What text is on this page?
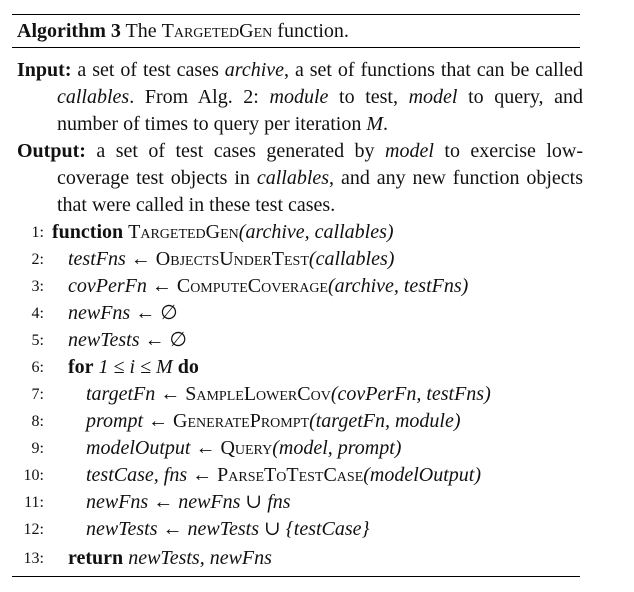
Algorithm 3 The TargetedGen function.
Input: a set of test cases archive, a set of functions that can be called callables. From Alg. 2: module to test, model to query, and number of times to query per iteration M.
Output: a set of test cases generated by model to exercise low-coverage test objects in callables, and any new function objects that were called in these test cases.
1: function TargetedGen(archive, callables)
2: testFns ← ObjectsUnderTest(callables)
3: covPerFn ← ComputeCoverage(archive, testFns)
4: newFns ← ∅
5: newTests ← ∅
6: for 1 ≤ i ≤ M do
7: targetFn ← SampleLowerCov(covPerFn, testFns)
8: prompt ← GeneratePrompt(targetFn, module)
9: modelOutput ← Query(model, prompt)
10: testCase, fns ← ParseToTestCase(modelOutput)
11: newFns ← newFns ∪ fns
12: newTests ← newTests ∪ {testCase}
13: return newTests, newFns
